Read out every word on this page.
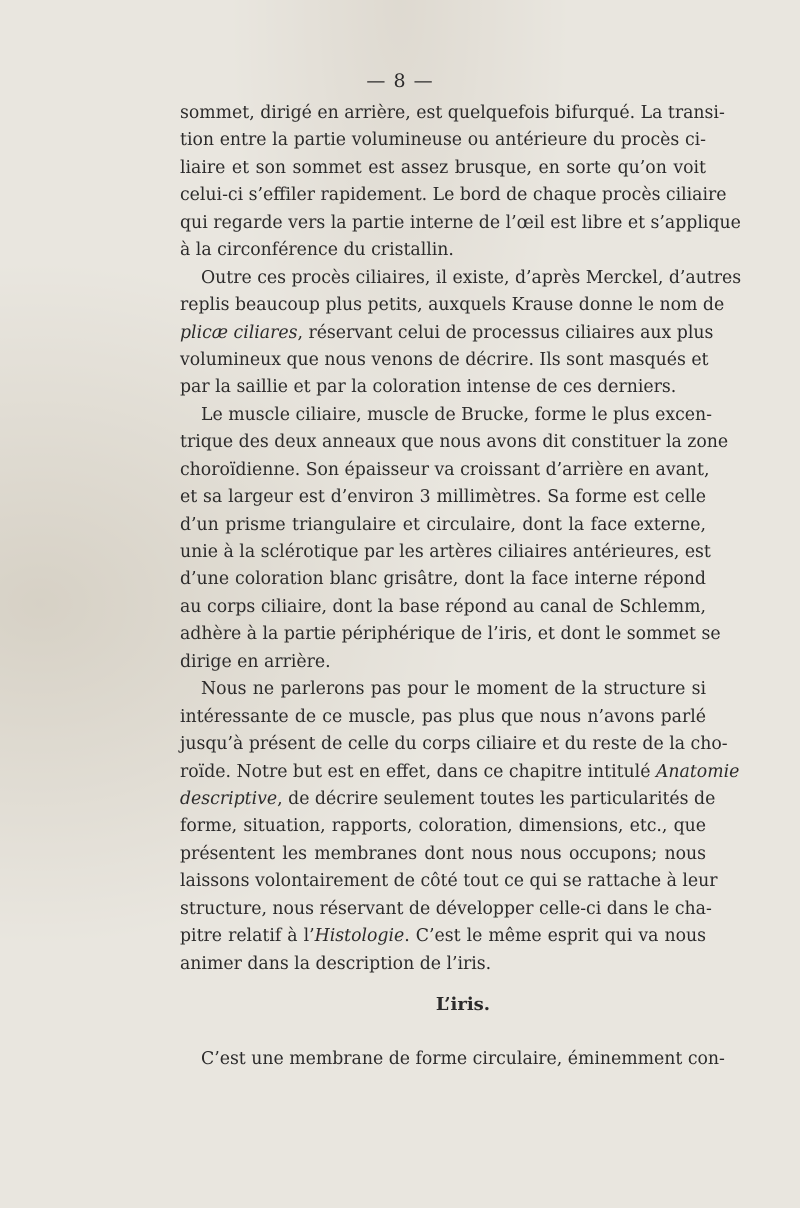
— 8 —
sommet, dirigé en arrière, est quelquefois bifurqué. La transi-
tion entre la partie volumineuse ou antérieure du procès ci-
liaire et son sommet est assez brusque, en sorte qu’on voit
celui-ci s’effiler rapidement. Le bord de chaque procès ciliaire
qui regarde vers la partie interne de l’œil est libre et s’applique
à la circonférence du cristallin.
Outre ces procès ciliaires, il existe, d’après Merckel, d’autres
replis beaucoup plus petits, auxquels Krause donne le nom de
plicæ ciliares, réservant celui de processus ciliaires aux plus
volumineux que nous venons de décrire. Ils sont masqués et
par la saillie et par la coloration intense de ces derniers.
Le muscle ciliaire, muscle de Brucke, forme le plus excen-
trique des deux anneaux que nous avons dit constituer la zone
choroïdienne. Son épaisseur va croissant d’arrière en avant,
et sa largeur est d’environ 3 millimètres. Sa forme est celle
d’un prisme triangulaire et circulaire, dont la face externe,
unie à la sclérotique par les artères ciliaires antérieures, est
d’une coloration blanc grisâtre, dont la face interne répond
au corps ciliaire, dont la base répond au canal de Schlemm,
adhère à la partie périphérique de l’iris, et dont le sommet se
dirige en arrière.
Nous ne parlerons pas pour le moment de la structure si
intéressante de ce muscle, pas plus que nous n’avons parlé
jusqu’à présent de celle du corps ciliaire et du reste de la cho-
roïde. Notre but est en effet, dans ce chapitre intitulé Anatomie
descriptive, de décrire seulement toutes les particularités de
forme, situation, rapports, coloration, dimensions, etc., que
présentent les membranes dont nous nous occupons; nous
laissons volontairement de côté tout ce qui se rattache à leur
structure, nous réservant de développer celle-ci dans le cha-
pitre relatif à l’Histologie. C’est le même esprit qui va nous
animer dans la description de l’iris.
L’iris.
C’est une membrane de forme circulaire, éminemment con-
